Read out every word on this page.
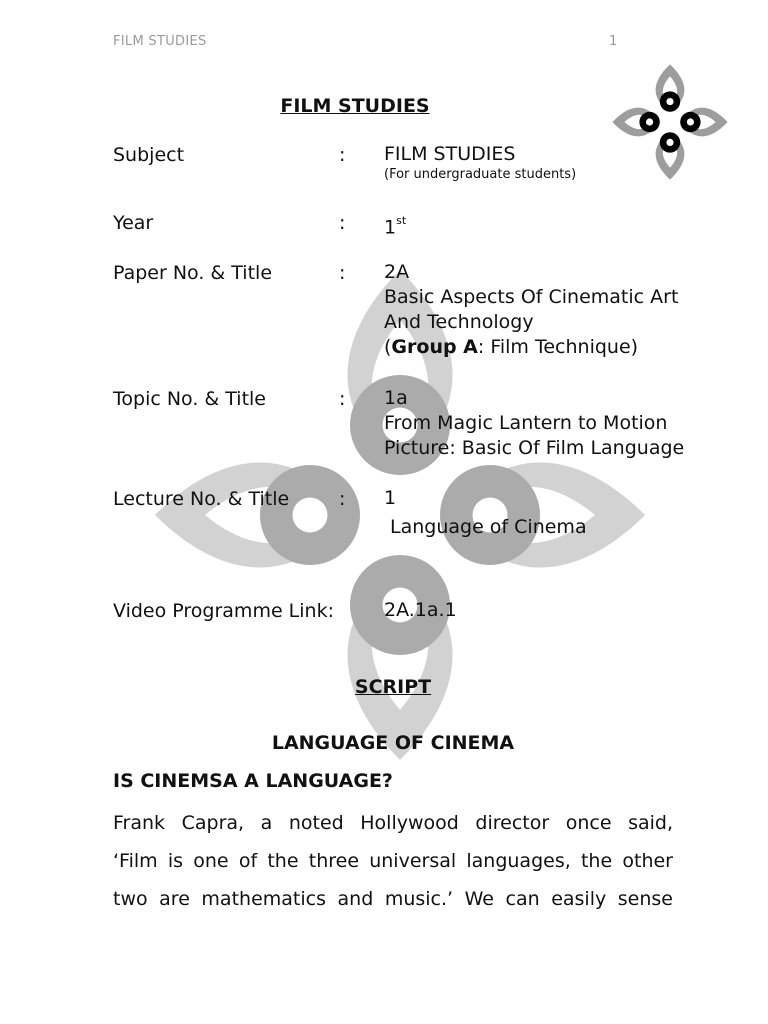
FILM STUDIES	1
FILM STUDIES
Subject	: FILM STUDIES
(For undergraduate students)
Year	: 1st
Paper No. & Title	: 2A
Basic Aspects Of Cinematic Art
And Technology
(Group A: Film Technique)
Topic No. & Title	: 1a
From Magic Lantern to Motion
Picture: Basic Of Film Language
Lecture No. & Title	: 1
Language of Cinema
Video Programme Link:	2A.1a.1
SCRIPT
LANGUAGE OF CINEMA
IS CINEMSA A LANGUAGE?
Frank Capra, a noted Hollywood director once said,
‘Film is one of the three universal languages, the other
two are mathematics and music.’ We can easily sense
